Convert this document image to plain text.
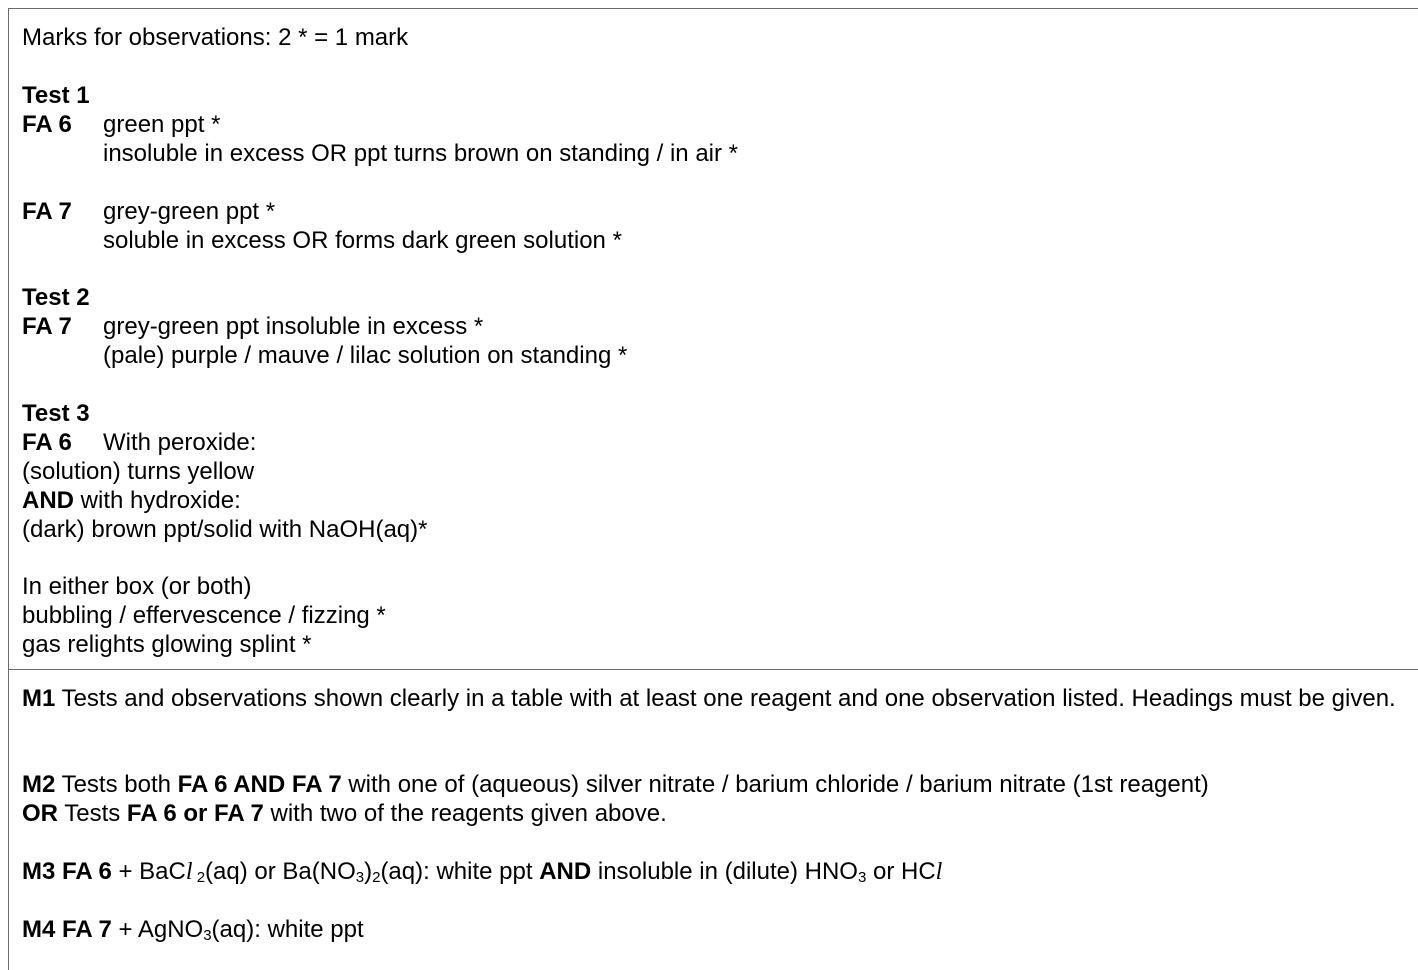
Marks for observations: 2 * = 1 mark
Test 1
FA 6 green ppt *
insoluble in excess OR ppt turns brown on standing / in air *
FA 7 grey-green ppt *
soluble in excess OR forms dark green solution *
Test 2
FA 7 grey-green ppt insoluble in excess *
(pale) purple / mauve / lilac solution on standing *
Test 3
FA 6 With peroxide:
(solution) turns yellow
AND with hydroxide:
(dark) brown ppt/solid with NaOH(aq)*
In either box (or both)
bubbling / effervescence / fizzing *
gas relights glowing splint *
M1 Tests and observations shown clearly in a table with at least one reagent and one observation listed. Headings must be given.
M2 Tests both FA 6 AND FA 7 with one of (aqueous) silver nitrate / barium chloride / barium nitrate (1st reagent)
OR Tests FA 6 or FA 7 with two of the reagents given above.
M3 FA 6 + BaCl $_2$(aq) or $Ba(NO_3)_2(aq)$: white ppt AND insoluble in (dilute) $HNO_3$ or HCl
M4 FA 7 + AgNO$_3$(aq): white ppt
